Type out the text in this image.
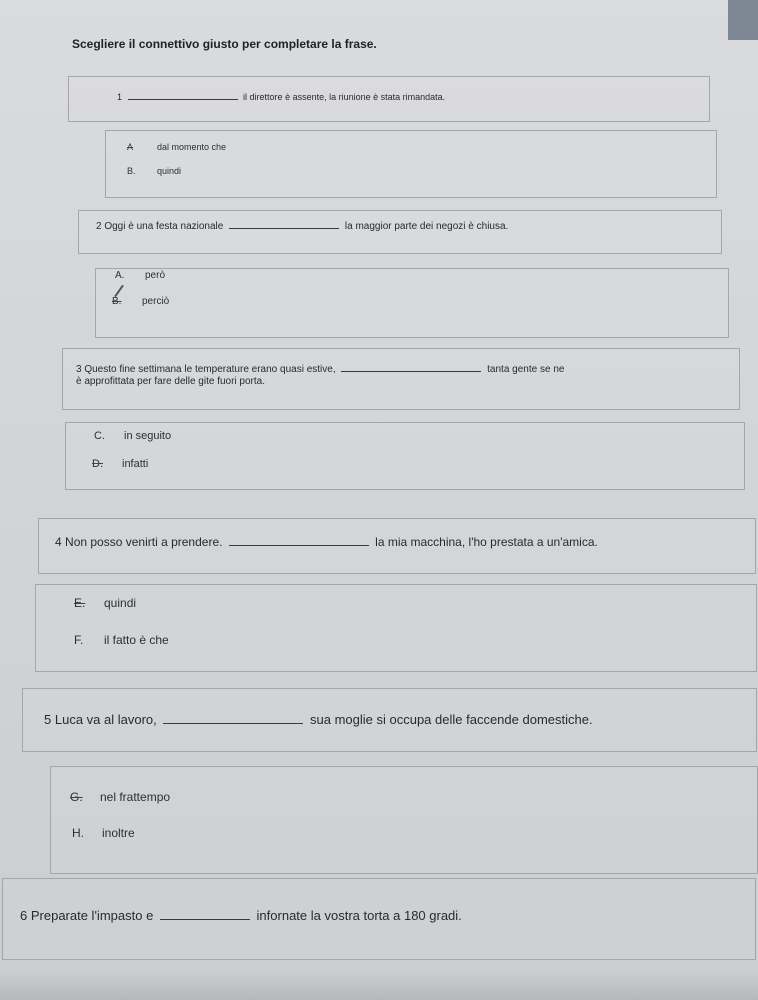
Scegliere il connettivo giusto per completare la frase.
1	il direttore è assente, la riunione è stata rimandata.
A	dal momento che
B. quindi
2 Oggi è una festa nazionale	la maggior parte dei negozi è chiusa.
A. però
B. perciò
3 Questo fine settimana le temperature erano quasi estive,	tanta gente se ne
è approfittata per fare delle gite fuori porta.
C. in seguito
D. infatti
4 Non posso venirti a prendere.	la mia macchina, l'ho prestata a un'amica.
E. quindi
F. il fatto è che
5 Luca va al lavoro,	sua moglie si occupa delle faccende domestiche.
G. nel frattempo
H. inoltre
6 Preparate l'impasto e	infornate la vostra torta a 180 gradi.
